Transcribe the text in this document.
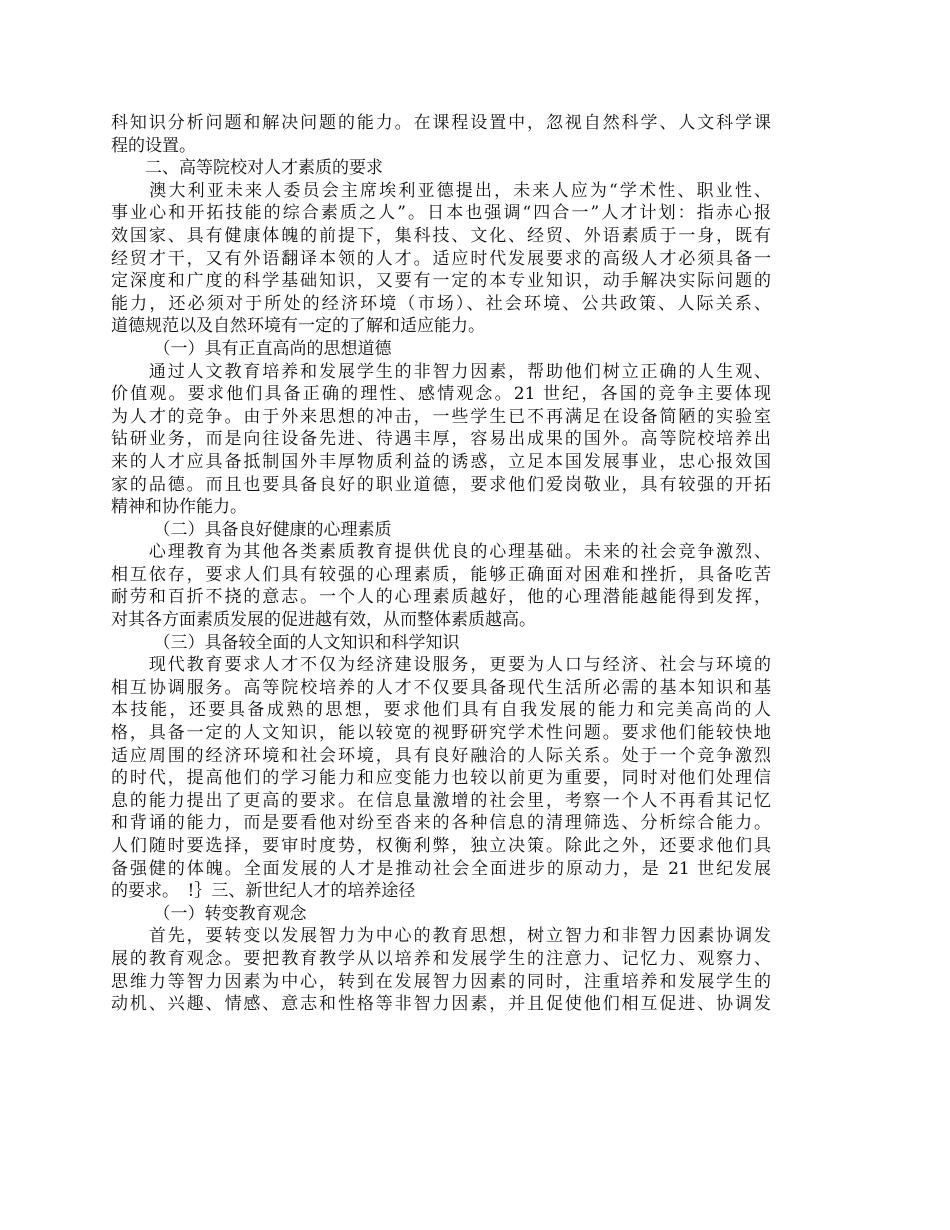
科知识分析问题和解决问题的能力。在课程设置中，忽视自然科学、人文科学课
程的设置。
　　二、高等院校对人才素质的要求
　　澳大利亚未来人委员会主席埃利亚德提出，未来人应为“学术性、职业性、
事业心和开拓技能的综合素质之人”。日本也强调“四合一”人才计划：指赤心报
效国家、具有健康体魄的前提下，集科技、文化、经贸、外语素质于一身，既有
经贸才干，又有外语翻译本领的人才。适应时代发展要求的高级人才必须具备一
定深度和广度的科学基础知识，又要有一定的本专业知识，动手解决实际问题的
能力，还必须对于所处的经济环境（市场）、社会环境、公共政策、人际关系、
道德规范以及自然环境有一定的了解和适应能力。
　　　（一）具有正直高尚的思想道德
　　通过人文教育培养和发展学生的非智力因素，帮助他们树立正确的人生观、
价值观。要求他们具备正确的理性、感情观念。21 世纪，各国的竞争主要体现
为人才的竞争。由于外来思想的冲击，一些学生已不再满足在设备简陋的实验室
钻研业务，而是向往设备先进、待遇丰厚，容易出成果的国外。高等院校培养出
来的人才应具备抵制国外丰厚物质利益的诱惑，立足本国发展事业，忠心报效国
家的品德。而且也要具备良好的职业道德，要求他们爱岗敬业，具有较强的开拓
精神和协作能力。
　　　（二）具备良好健康的心理素质
　　心理教育为其他各类素质教育提供优良的心理基础。未来的社会竞争激烈、
相互依存，要求人们具有较强的心理素质，能够正确面对困难和挫折，具备吃苦
耐劳和百折不挠的意志。一个人的心理素质越好，他的心理潜能越能得到发挥，
对其各方面素质发展的促进越有效，从而整体素质越高。
　　　（三）具备较全面的人文知识和科学知识
　　现代教育要求人才不仅为经济建设服务，更要为人口与经济、社会与环境的
相互协调服务。高等院校培养的人才不仅要具备现代生活所必需的基本知识和基
本技能，还要具备成熟的思想，要求他们具有自我发展的能力和完美高尚的人
格，具备一定的人文知识，能以较宽的视野研究学术性问题。要求他们能较快地
适应周围的经济环境和社会环境，具有良好融洽的人际关系。处于一个竞争激烈
的时代，提高他们的学习能力和应变能力也较以前更为重要，同时对他们处理信
息的能力提出了更高的要求。在信息量激增的社会里，考察一个人不再看其记忆
和背诵的能力，而是要看他对纷至沓来的各种信息的清理筛选、分析综合能力。
人们随时要选择，要审时度势，权衡利弊，独立决策。除此之外，还要求他们具
备强健的体魄。全面发展的人才是推动社会全面进步的原动力，是 21 世纪发展
的要求。　!｝三、新世纪人才的培养途径
　　　（一）转变教育观念
　　首先，要转变以发展智力为中心的教育思想，树立智力和非智力因素协调发
展的教育观念。要把教育教学从以培养和发展学生的注意力、记忆力、观察力、
思维力等智力因素为中心，转到在发展智力因素的同时，注重培养和发展学生的
动机、兴趣、情感、意志和性格等非智力因素，并且促使他们相互促进、协调发
